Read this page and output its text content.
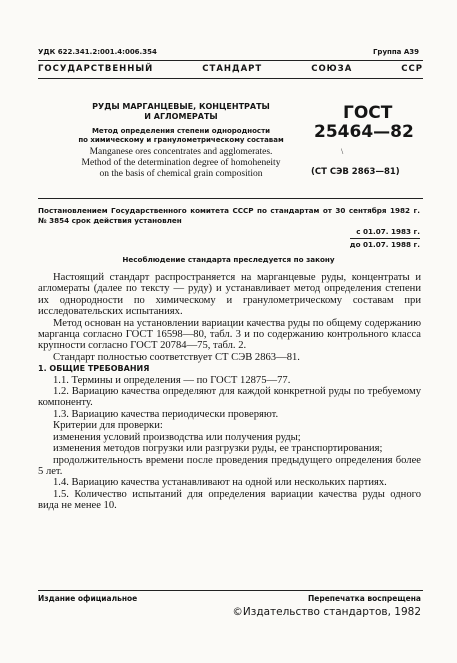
УДК 622.341.2:001.4:006.354	Группа А39
ГОСУДАРСТВЕННЫЙ СТАНДАРТ СОЮЗА ССР
РУДЫ МАРГАНЦЕВЫЕ, КОНЦЕНТРАТЫ
И АГЛОМЕРАТЫ
Метод определения степени однородности
по химическому и гранулометрическому составам
Manganese ores concentrates and agglomerates.
Method of the determination degree of homoheneity
on the basis of chemical grain composition
ГОСТ
25464—82
\
(СТ СЭВ 2863—81)
Постановлением Государственного комитета СССР по стандартам от 30 сентября 1982 г. № 3854 срок действия установлен
с 01.07. 1983 г.
до 01.07. 1988 г.
Несоблюдение стандарта преследуется по закону

Настоящий стандарт распространяется на марганцевые руды, концентраты и агломераты (далее по тексту — руду) и устанавливает метод определения степени их однородности по химическому и гранулометрическому составам при исследовательских испытаниях.

Метод основан на установлении вариации качества руды по общему содержанию марганца согласно ГОСТ 16598—80, табл. 3 и по содержанию контрольного класса крупности согласно ГОСТ 20784—75, табл. 2.

Стандарт полностью соответствует СТ СЭВ 2863—81.

1. ОБЩИЕ ТРЕБОВАНИЯ

1.1. Термины и определения — по ГОСТ 12875—77.

1.2. Вариацию качества определяют для каждой конкретной руды по требуемому компоненту.

1.3. Вариацию качества периодически проверяют.

Критерии для проверки:

изменения условий производства или получения руды;

изменения методов погрузки или разгрузки руды, ее транспортирования;

продолжительность времени после проведения предыдущего определения более 5 лет.

1.4. Вариацию качества устанавливают на одной или нескольких партиях.

1.5. Количество испытаний для определения вариации качества руды одного вида не менее 10.

Издание официальное	Перепечатка воспрещена
©Издательство стандартов, 1982
